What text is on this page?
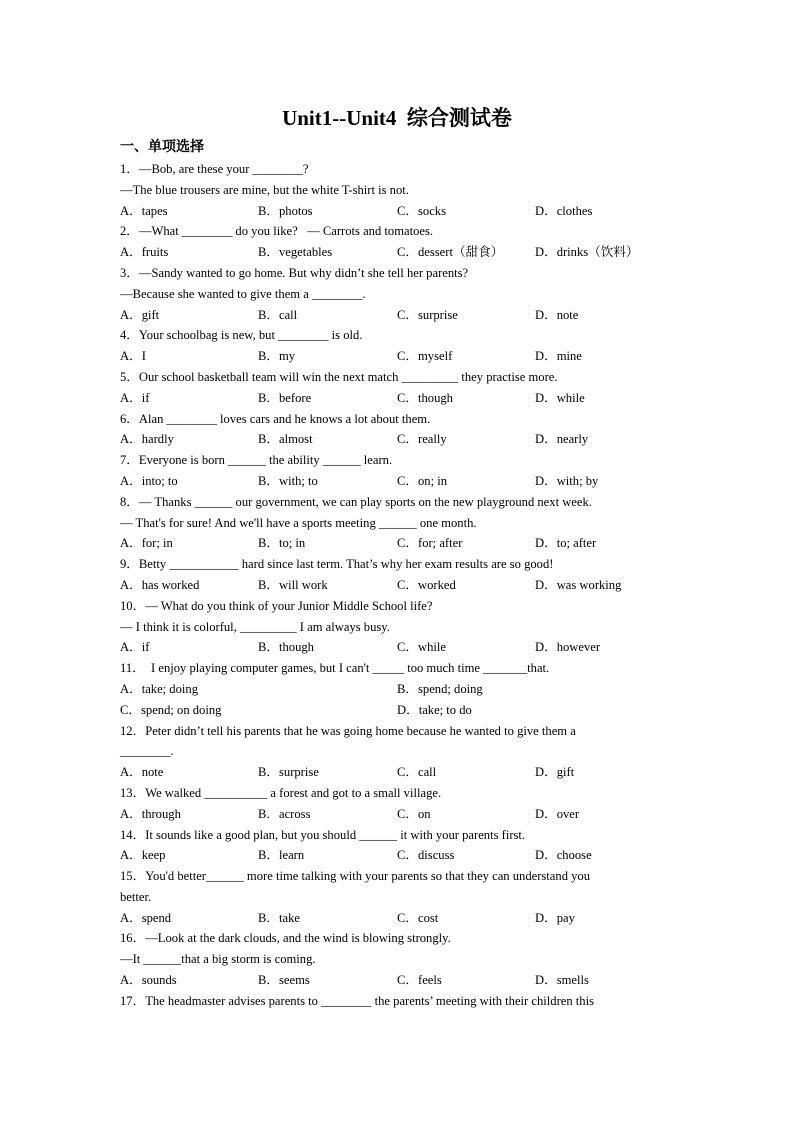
Unit1--Unit4  综合测试卷
一、单项选择
1．—Bob, are these your ________?
—The blue trousers are mine, but the white T-shirt is not.
A．tapes	B．photos	C．socks	D．clothes
2．—What ________ do you like?   — Carrots and tomatoes.
A．fruits	B．vegetables	C．dessert（甜食）	D．drinks（饮料）
3．—Sandy wanted to go home. But why didn’t she tell her parents?
—Because she wanted to give them a ________.
A．gift	B．call	C．surprise	D．note
4．Your schoolbag is new, but ________ is old.
A．I	B．my	C．myself	D．mine
5．Our school basketball team will win the next match _________ they practise more.
A．if	B．before	C．though	D．while
6．Alan ________ loves cars and he knows a lot about them.
A．hardly	B．almost	C．really	D．nearly
7．Everyone is born ______ the ability ______ learn.
A．into; to	B．with; to	C．on; in	D．with; by
8．— Thanks ______ our government, we can play sports on the new playground next week.
— That's for sure! And we'll have a sports meeting ______ one month.
A．for; in	B．to; in	C．for; after	D．to; after
9．Betty ___________ hard since last term. That’s why her exam results are so good!
A．has worked	B．will work	C．worked	D．was working
10．— What do you think of your Junior Middle School life?
— I think it is colorful, _________ I am always busy.
A．if	B．though	C．while	D．however
11．  I enjoy playing computer games, but I can't _____ too much time _______that.
A．take; doing	B．spend; doing
C．spend; on doing	D．take; to do
12．Peter didn’t tell his parents that he was going home because he wanted to give them a
________.
A．note	B．surprise	C．call	D．gift
13．We walked __________ a forest and got to a small village.
A．through	B．across	C．on	D．over
14．It sounds like a good plan, but you should ______ it with your parents first.
A．keep	B．learn	C．discuss	D．choose
15．You'd better______ more time talking with your parents so that they can understand you
better.
A．spend	B．take	C．cost	D．pay
16．—Look at the dark clouds, and the wind is blowing strongly.
—It ______that a big storm is coming.
A．sounds	B．seems	C．feels	D．smells
17．The headmaster advises parents to ________ the parents’ meeting with their children this
